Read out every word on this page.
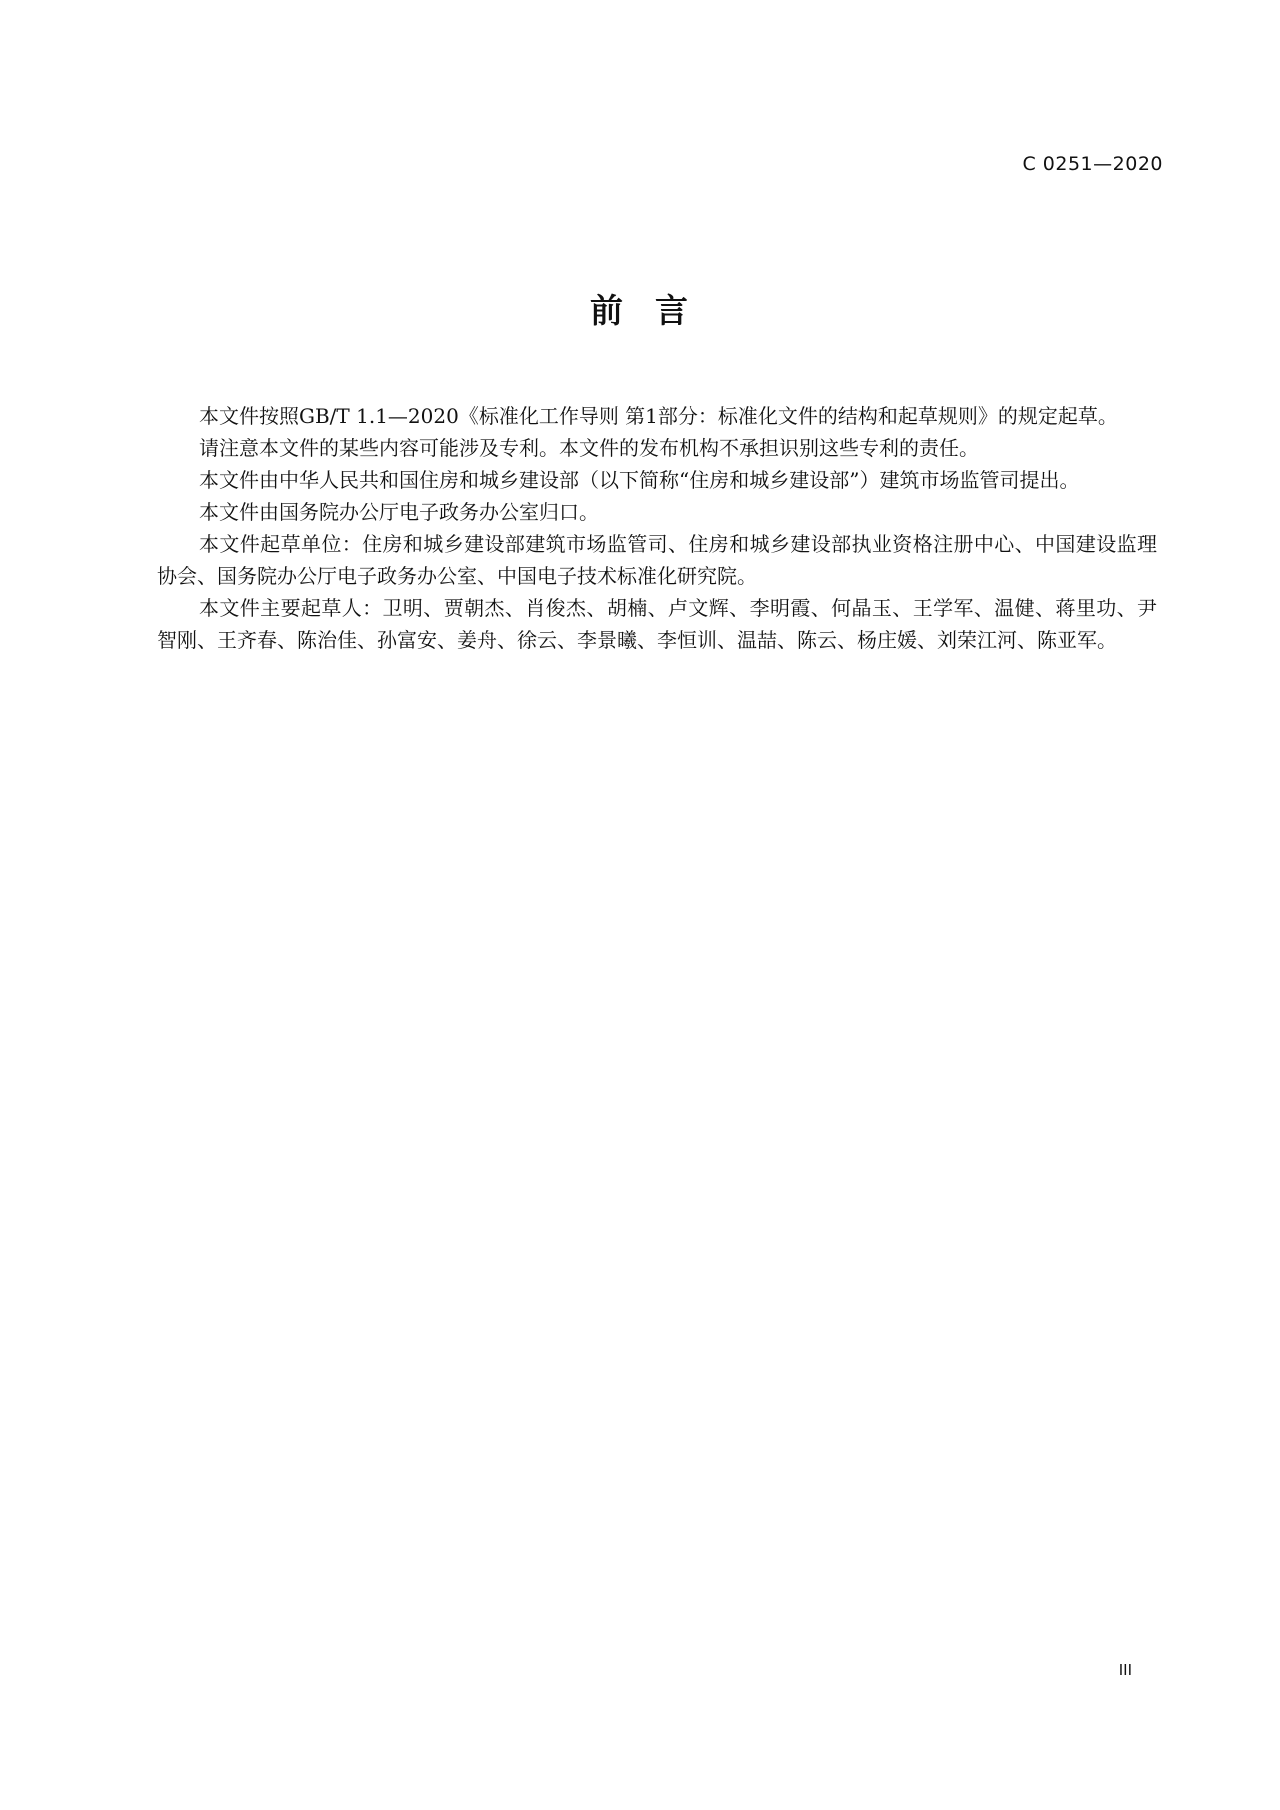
C 0251—2020
前 言

本文件按照GB/T 1.1—2020《标准化工作导则 第1部分：标准化文件的结构和起草规则》的规定起草。

请注意本文件的某些内容可能涉及专利。本文件的发布机构不承担识别这些专利的责任。

本文件由中华人民共和国住房和城乡建设部（以下简称“住房和城乡建设部”）建筑市场监管司提出。

本文件由国务院办公厅电子政务办公室归口。

本文件起草单位：住房和城乡建设部建筑市场监管司、住房和城乡建设部执业资格注册中心、中国建设监理协会、国务院办公厅电子政务办公室、中国电子技术标准化研究院。

本文件主要起草人：卫明、贾朝杰、肖俊杰、胡楠、卢文辉、李明霞、何晶玉、王学军、温健、蒋里功、尹智刚、王齐春、陈治佳、孙富安、姜舟、徐云、李景曦、李恒训、温喆、陈云、杨庄媛、刘荣江河、陈亚军。

III
